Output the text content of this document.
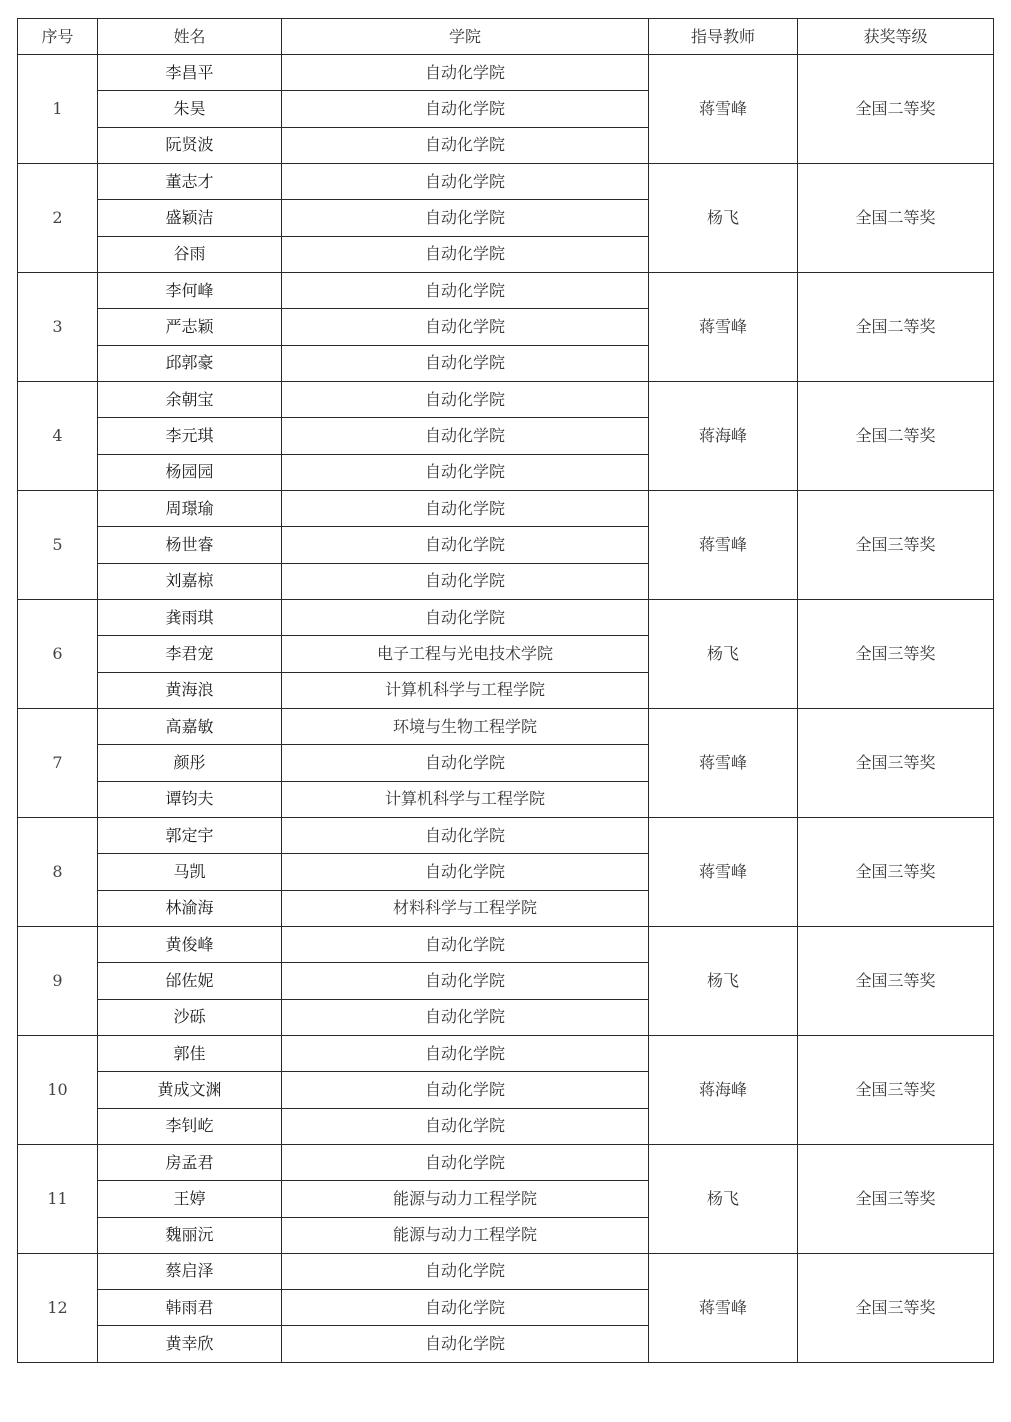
序号	姓名	学院	指导教师	获奖等级
1	李昌平	自动化学院	蒋雪峰	全国二等奖
	朱昊	自动化学院		
	阮贤波	自动化学院		
2	董志才	自动化学院	杨飞	全国二等奖
	盛颖洁	自动化学院		
	谷雨	自动化学院		
3	李何峰	自动化学院	蒋雪峰	全国二等奖
	严志颖	自动化学院		
	邱郭豪	自动化学院		
4	余朝宝	自动化学院	蒋海峰	全国二等奖
	李元琪	自动化学院		
	杨园园	自动化学院		
5	周璟瑜	自动化学院	蒋雪峰	全国三等奖
	杨世睿	自动化学院		
	刘嘉椋	自动化学院		
6	龚雨琪	自动化学院	杨飞	全国三等奖
	李君宠	电子工程与光电技术学院		
	黄海浪	计算机科学与工程学院		
7	高嘉敏	环境与生物工程学院	蒋雪峰	全国三等奖
	颜彤	自动化学院		
	谭钧夫	计算机科学与工程学院		
8	郭定宇	自动化学院	蒋雪峰	全国三等奖
	马凯	自动化学院		
	林渝海	材料科学与工程学院		
9	黄俊峰	自动化学院	杨飞	全国三等奖
	邰佐妮	自动化学院		
	沙砾	自动化学院		
10	郭佳	自动化学院	蒋海峰	全国三等奖
	黄成文渊	自动化学院		
	李钊屹	自动化学院		
11	房孟君	自动化学院	杨飞	全国三等奖
	王婷	能源与动力工程学院		
	魏丽沅	能源与动力工程学院		
12	蔡启泽	自动化学院	蒋雪峰	全国三等奖
	韩雨君	自动化学院		
	黄幸欣	自动化学院		
